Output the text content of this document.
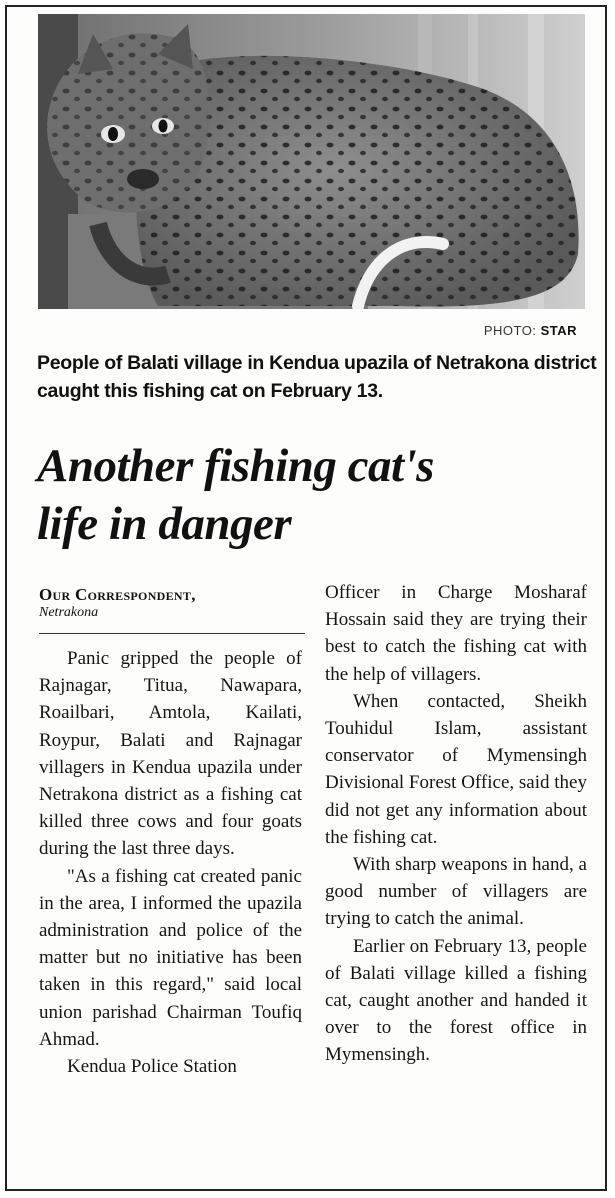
PHOTO: STAR
People of Balati village in Kendua upazila of Netrakona district caught this fishing cat on February 13.
Another fishing cat's
life in danger
Our Correspondent,
Netrakona

Panic gripped the people of Rajnagar, Titua, Nawapara, Roailbari, Amtola, Kailati, Roypur, Balati and Rajnagar villagers in Kendua upazila under Netrakona district as a fishing cat killed three cows and four goats during the last three days.

"As a fishing cat created panic in the area, I informed the upazila administration and police of the matter but no initiative has been taken in this regard," said local union parishad Chairman Toufiq Ahmad.

Kendua Police Station

Officer in Charge Mosharaf Hossain said they are trying their best to catch the fishing cat with the help of villagers.

When contacted, Sheikh Touhidul Islam, assistant conservator of Mymensingh Divisional Forest Office, said they did not get any information about the fishing cat.

With sharp weapons in hand, a good number of villagers are trying to catch the animal.

Earlier on February 13, people of Balati village killed a fishing cat, caught another and handed it over to the forest office in Mymensingh.
